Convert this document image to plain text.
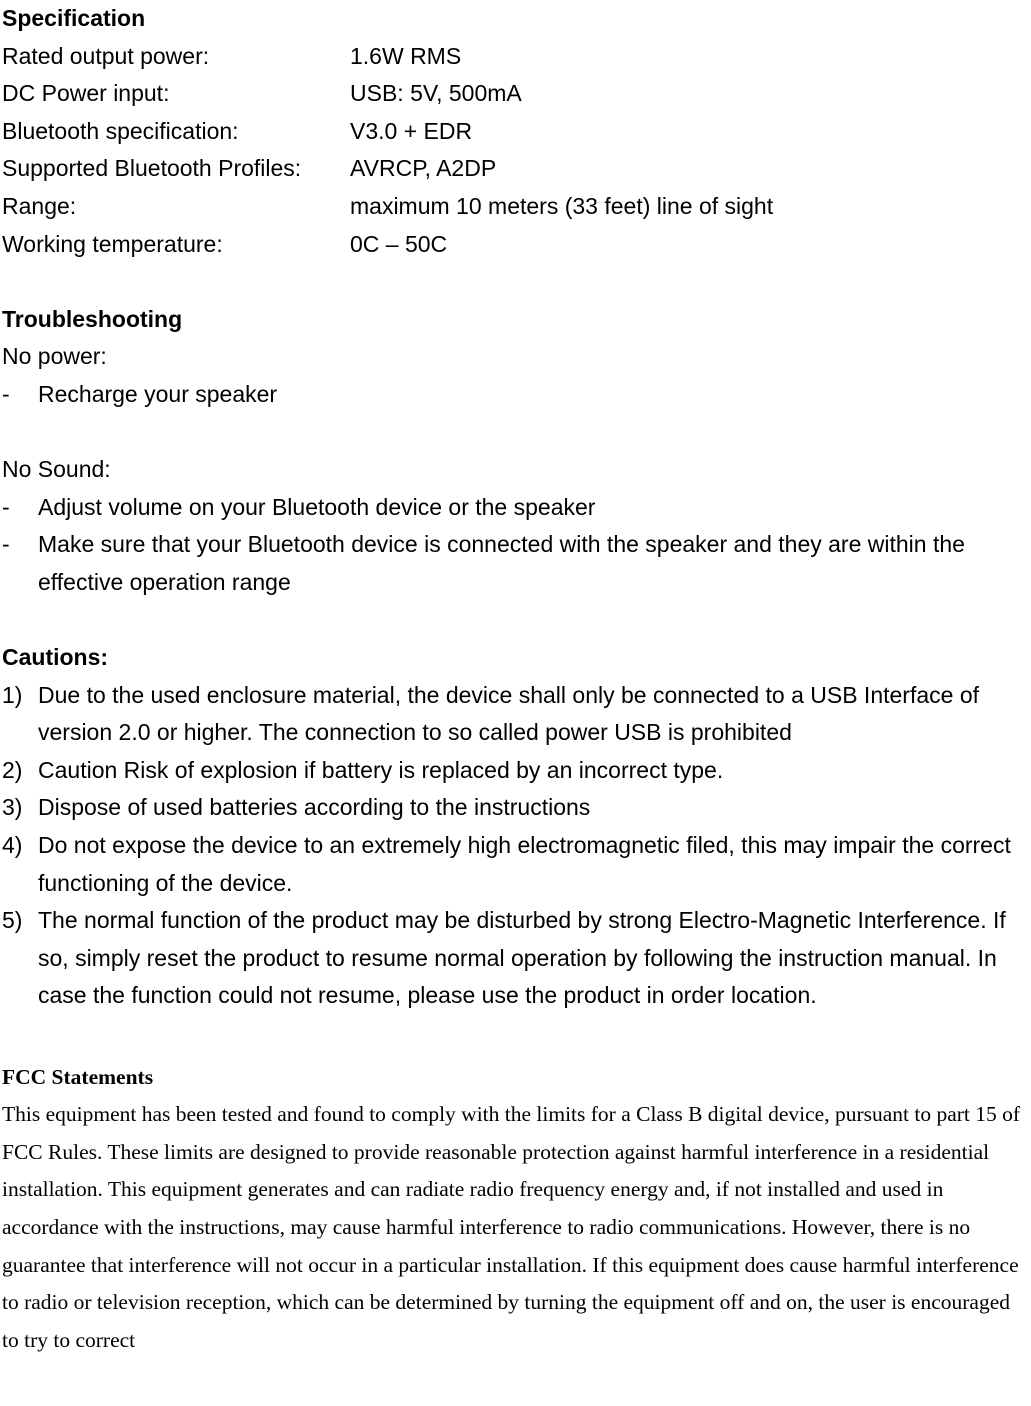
Specification
Rated output power:	1.6W RMS
DC Power input:	USB: 5V, 500mA
Bluetooth specification:	V3.0 + EDR
Supported Bluetooth Profiles:	AVRCP, A2DP
Range:	maximum 10 meters (33 feet) line of sight
Working temperature:	0C – 50C
Troubleshooting
No power:
-	Recharge your speaker
No Sound:
-	Adjust volume on your Bluetooth device or the speaker
-	Make sure that your Bluetooth device is connected with the speaker and they are within the effective operation range
Cautions:
1) Due to the used enclosure material, the device shall only be connected to a USB Interface of version 2.0 or higher. The connection to so called power USB is prohibited
2) Caution Risk of explosion if battery is replaced by an incorrect type.
3) Dispose of used batteries according to the instructions
4) Do not expose the device to an extremely high electromagnetic filed, this may impair the correct functioning of the device.
5) The normal function of the product may be disturbed by strong Electro-Magnetic Interference. If so, simply reset the product to resume normal operation by following the instruction manual. In case the function could not resume, please use the product in order location.
FCC Statements

This equipment has been tested and found to comply with the limits for a Class B digital device, pursuant to part 15 of FCC Rules. These limits are designed to provide reasonable protection against harmful interference in a residential installation. This equipment generates and can radiate radio frequency energy and, if not installed and used in accordance with the instructions, may cause harmful interference to radio communications. However, there is no guarantee that interference will not occur in a particular installation. If this equipment does cause harmful interference to radio or television reception, which can be determined by turning the equipment off and on, the user is encouraged to try to correct
